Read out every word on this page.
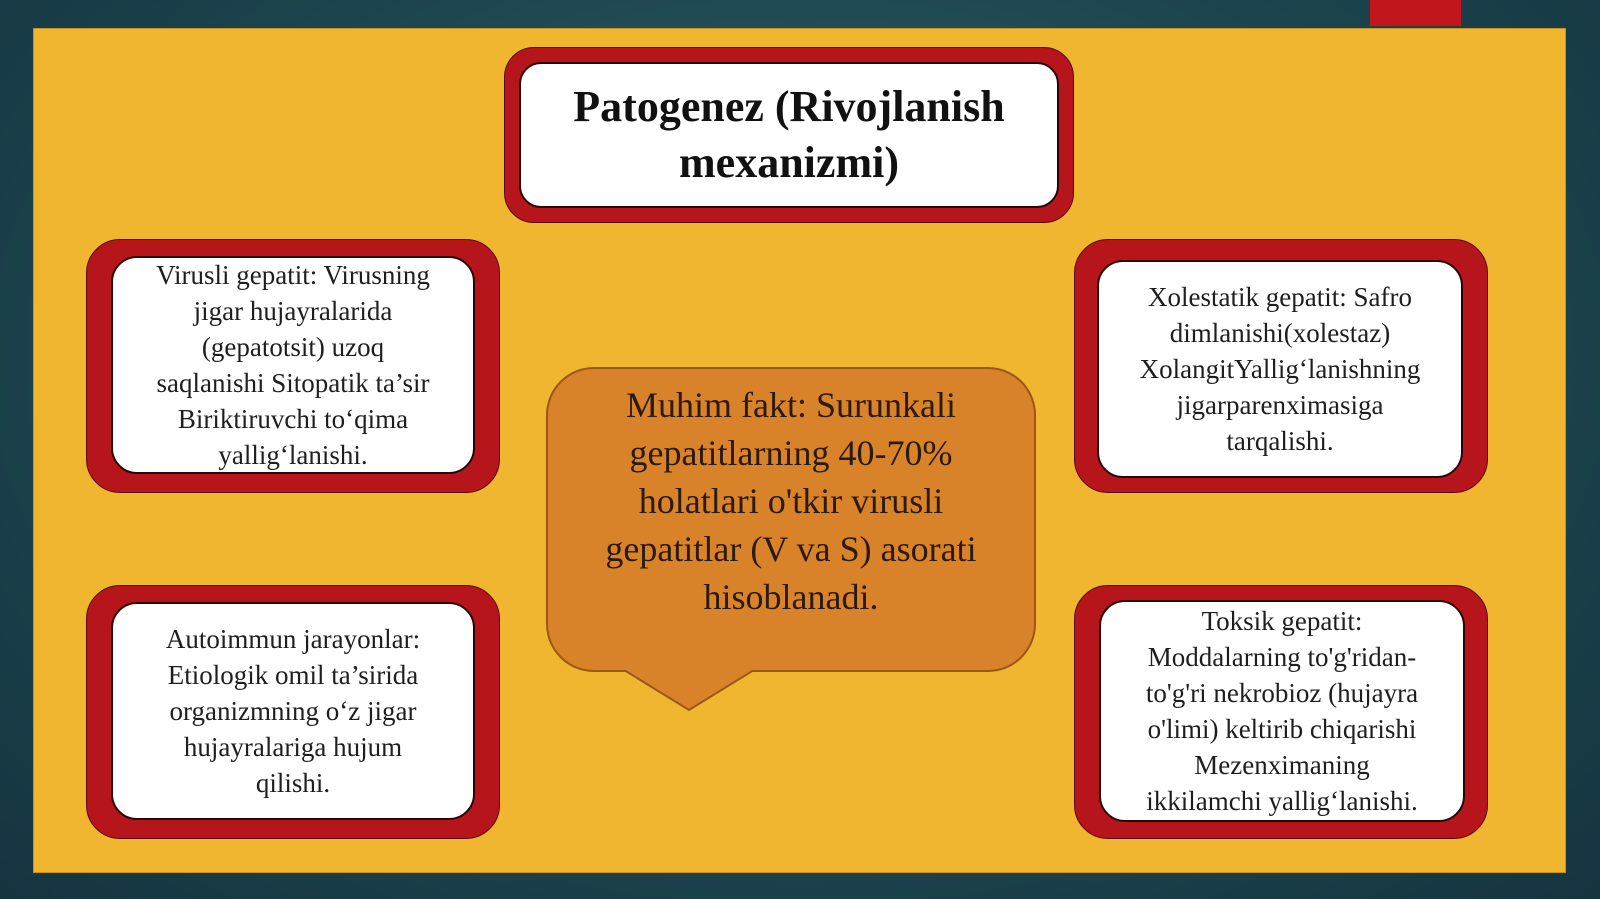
Patogenez (Rivojlanish
mexanizmi)
Virusli gepatit: Virusning
jigar hujayralarida
(gepatotsit) uzoq
saqlanishi Sitopatik ta’sir
Biriktiruvchi to‘qima
yallig‘lanishi.
Xolestatik gepatit: Safro
dimlanishi(xolestaz)
XolangitYallig‘lanishning
jigarparenximasiga
tarqalishi.
Autoimmun jarayonlar:
Etiologik omil ta’sirida
organizmning o‘z jigar
hujayralariga hujum
qilishi.
Toksik gepatit:
Moddalarning to'g'ridan-
to'g'ri nekrobioz (hujayra
o'limi) keltirib chiqarishi
Mezenximaning
ikkilamchi yallig‘lanishi.
Muhim fakt: Surunkali
gepatitlarning 40-70%
holatlari o'tkir virusli
gepatitlar (V va S) asorati
hisoblanadi.
